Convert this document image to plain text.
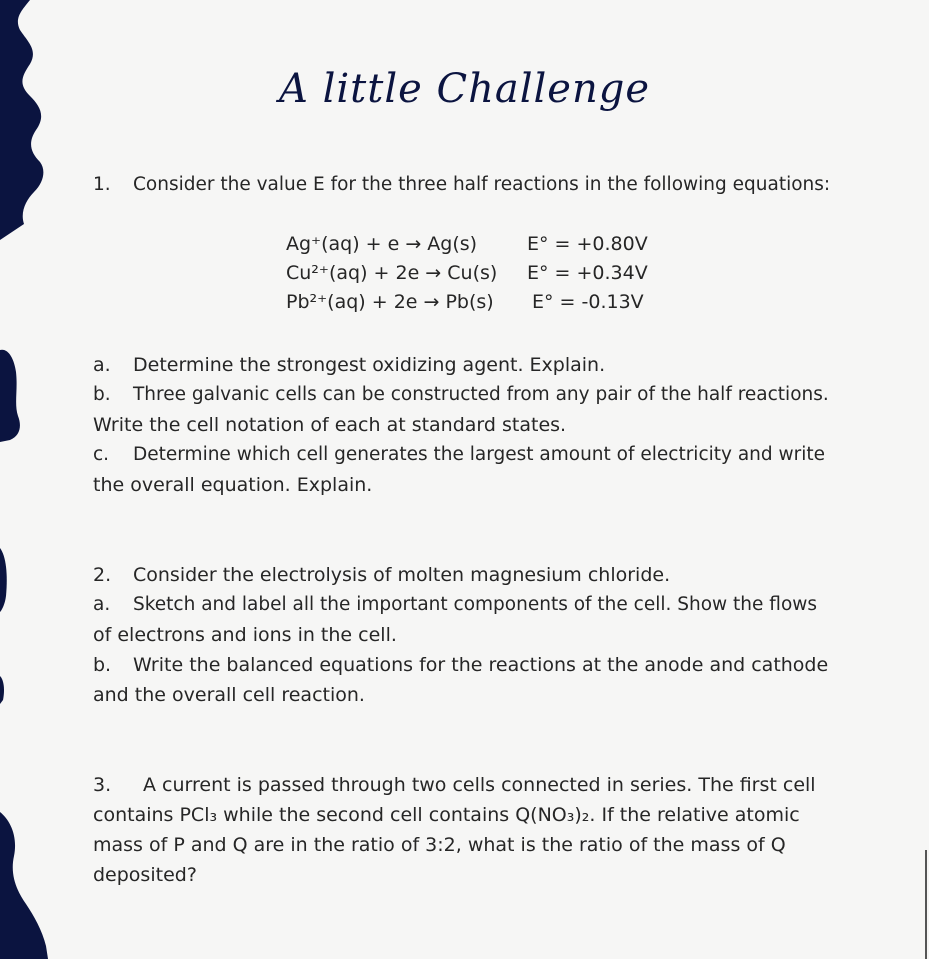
A little Challenge
1. Consider the value E for the three half reactions in the following equations:
Ag⁺(aq) + e → Ag(s)	E° = +0.80V
Cu²⁺(aq) + 2e → Cu(s) E° = +0.34V
Pb²⁺(aq) + 2e → Pb(s) E° = -0.13V
a. Determine the strongest oxidizing agent. Explain.
b. Three galvanic cells can be constructed from any pair of the half reactions.
Write the cell notation of each at standard states.
c. Determine which cell generates the largest amount of electricity and write
the overall equation. Explain.
2. Consider the electrolysis of molten magnesium chloride.
a. Sketch and label all the important components of the cell. Show the flows
of electrons and ions in the cell.
b. Write the balanced equations for the reactions at the anode and cathode
and the overall cell reaction.
3. A current is passed through two cells connected in series. The first cell
contains PCl₃ while the second cell contains Q(NO₃)₂. If the relative atomic
mass of P and Q are in the ratio of 3:2, what is the ratio of the mass of Q
deposited?
